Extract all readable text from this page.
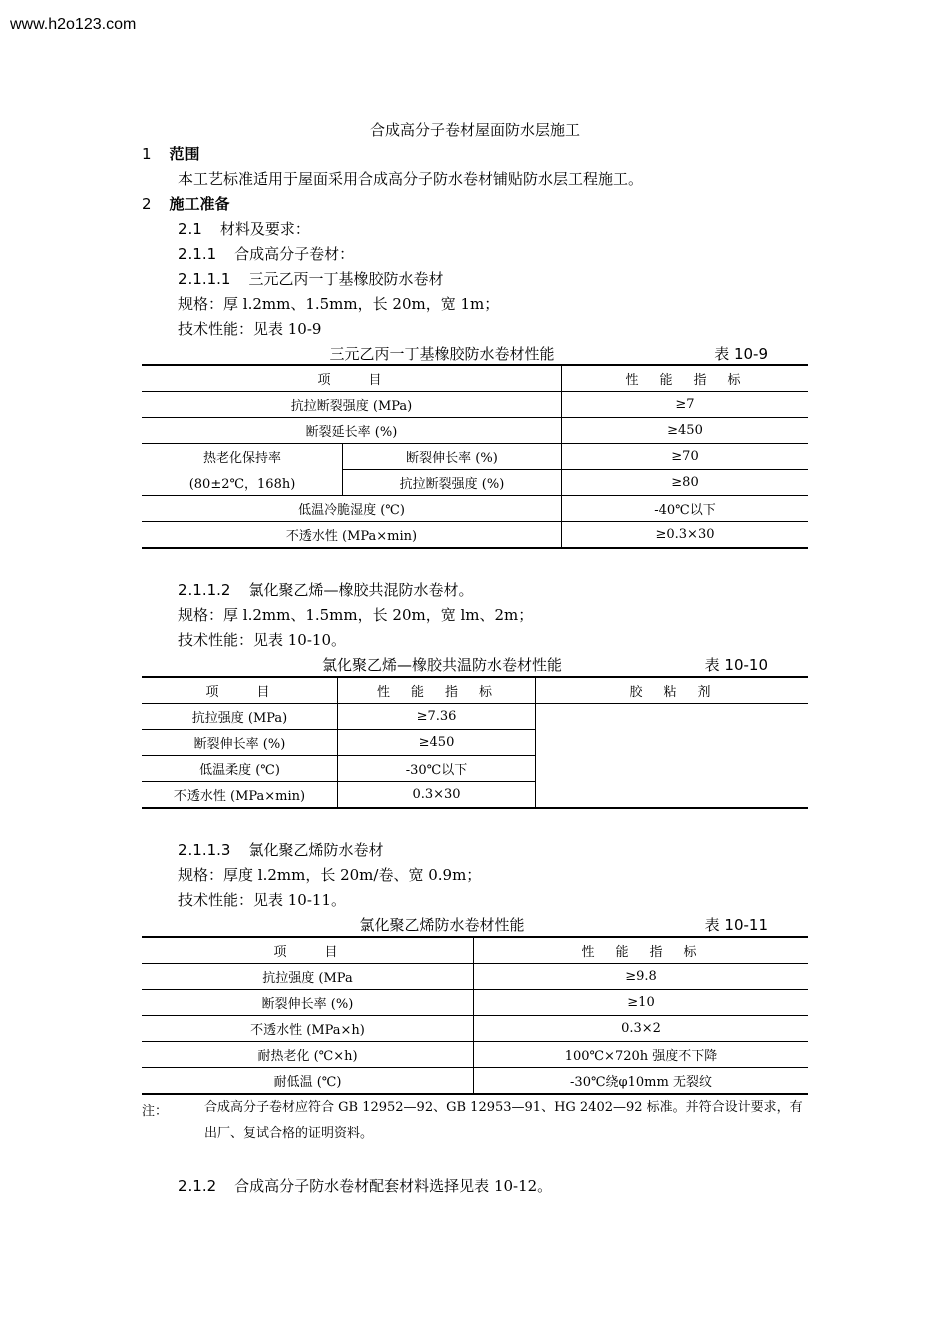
www.h2o123.com
合成高分子卷材屋面防水层施工
1 范围
本工艺标准适用于屋面采用合成高分子防水卷材铺贴防水层工程施工。
2 施工准备
2.1 材料及要求：
2.1.1 合成高分子卷材：
2.1.1.1 三元乙丙一丁基橡胶防水卷材
规格：厚 l.2mm、1.5mm，长 20m，宽 1m；
技术性能：见表 10-9
三元乙丙一丁基橡胶防水卷材性能	表 10-9
项　　目		性　能　指　标
抗拉断裂强度 (MPa)		≥7
断裂延长率 (%)		≥450
热老化保持率	断裂伸长率 (%)	≥70
(80±2℃，168h)	抗拉断裂强度 (%)	≥80
低温冷脆湿度 (℃)		-40℃以下
不透水性 (MPa×min)		≥0.3×30
2.1.1.2 氯化聚乙烯—橡胶共混防水卷材。
规格：厚 l.2mm、1.5mm，长 20m，宽 lm、2m；
技术性能：见表 10-10。
氯化聚乙烯—橡胶共温防水卷材性能	表 10-10
项　　目	性　能　指　标	胶　粘　剂
抗拉强度 (MPa)	≥7.36	
断裂伸长率 (%)	≥450	
低温柔度 (℃)	-30℃以下	
不透水性 (MPa×min)	0.3×30	
2.1.1.3 氯化聚乙烯防水卷材
规格：厚度 l.2mm，长 20m/卷、宽 0.9m；
技术性能：见表 10-11。
氯化聚乙烯防水卷材性能	表 10-11
项　　目	性　能　指　标
抗拉强度 (MPa	≥9.8
断裂伸长率 (%)	≥10
不透水性 (MPa×h)	0.3×2
耐热老化 (℃×h)	100℃×720h 强度不下降
耐低温 (℃)	-30℃绕φ10mm 无裂纹
注：	合成高分子卷材应符合 GB 12952—92、GB 12953—91、HG 2402—92 标准。并符合设计要求，有
出厂、复试合格的证明资料。
2.1.2 合成高分子防水卷材配套材料选择见表 10-12。
